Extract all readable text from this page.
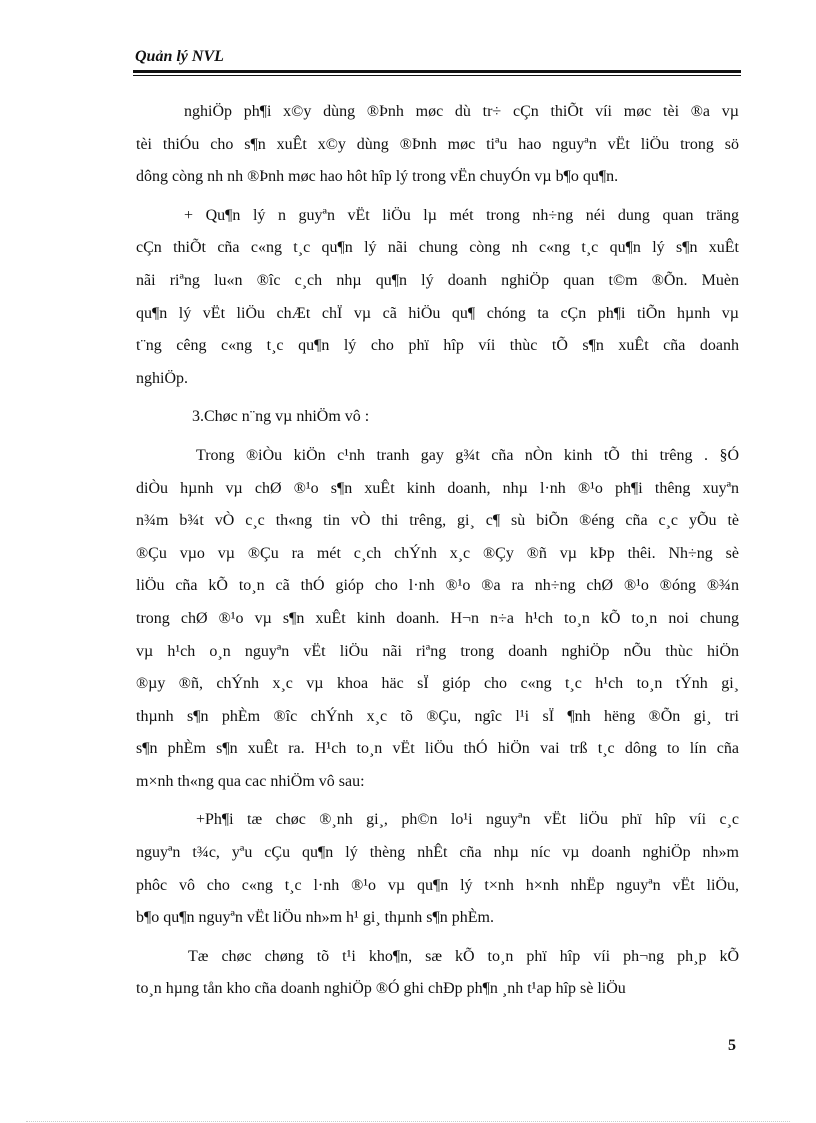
Quản lý NVL
nghiÖp ph¶i x©y dùng ®Þnh møc dù tr÷ cÇn thiÕt víi møc tèi ®a vµ
tèi thiÓu cho s¶n xuÊt x©y dùng ®Þnh møc tiªu hao nguyªn vËt liÖu trong sö
dông còng nh nh ®Þnh møc hao hôt hîp lý trong vËn chuyÓn vµ b¶o qu¶n.
+ Qu¶n lý n guyªn vËt liÖu lµ mét trong nh÷ng néi dung quan träng
cÇn thiÕt cña c«ng t¸c qu¶n lý nãi chung còng nh c«ng t¸c qu¶n lý s¶n xuÊt
nãi riªng lu«n ®îc c¸ch nhµ qu¶n lý doanh nghiÖp quan t©m ®Õn. Muèn
qu¶n lý vËt liÖu chÆt chÏ vµ cã hiÖu qu¶ chóng ta cÇn ph¶i tiÕn hµnh vµ
t¨ng cêng c«ng t¸c qu¶n lý cho phï hîp víi thùc tÕ s¶n xuÊt cña doanh
nghiÖp.
3.Chøc n¨ng vµ nhiÖm vô :
Trong ®iÒu kiÖn c¹nh tranh gay g¾t cña nÒn kinh tÕ thi trêng . §Ó
diÒu hµnh vµ chØ ®¹o s¶n xuÊt kinh doanh, nhµ l·nh ®¹o ph¶i thêng xuyªn
n¾m b¾t vÒ c¸c th«ng tin vÒ thi trêng, gi¸ c¶ sù biÕn ®éng cña c¸c yÕu tè
®Çu vµo vµ ®Çu ra mét c¸ch chÝnh x¸c ®Çy ®ñ vµ kÞp thêi. Nh÷ng sè
liÖu cña kÕ to¸n cã thÓ gióp cho l·nh ®¹o ®a ra nh÷ng chØ ®¹o ®óng ®¾n
trong chØ ®¹o vµ s¶n xuÊt kinh doanh. H¬n n÷a h¹ch to¸n kÕ to¸n noi chung
vµ h¹ch o¸n nguyªn vËt liÖu nãi riªng trong doanh nghiÖp nÕu thùc hiÖn
®µy ®ñ, chÝnh x¸c vµ khoa häc sÏ gióp cho c«ng t¸c h¹ch to¸n tÝnh gi¸
thµnh s¶n phÈm ®îc chÝnh x¸c tõ ®Çu, ngîc l¹i sÏ ¶nh hëng ®Õn gi¸ tri
s¶n phÈm s¶n xuÊt ra. H¹ch to¸n vËt liÖu thÓ hiÖn vai trß t¸c dông to lín cña
m×nh th«ng qua cac nhiÖm vô sau:
+Ph¶i tæ chøc ®¸nh gi¸, ph©n lo¹i nguyªn vËt liÖu phï hîp víi c¸c
nguyªn t¾c, yªu cÇu qu¶n lý thèng nhÊt cña nhµ níc vµ doanh nghiÖp nh»m
phôc vô cho c«ng t¸c l·nh ®¹o vµ qu¶n lý t×nh h×nh nhËp nguyªn vËt liÖu,
b¶o qu¶n nguyªn vËt liÖu nh»m h¹ gi¸ thµnh s¶n phÈm.
Tæ chøc chøng tõ t¹i kho¶n, sæ kÕ to¸n phï hîp víi ph¬ng ph¸p kÕ
to¸n hµng tån kho cña doanh nghiÖp ®Ó ghi chÐp ph¶n ¸nh t¹ap hîp sè liÖu
5
